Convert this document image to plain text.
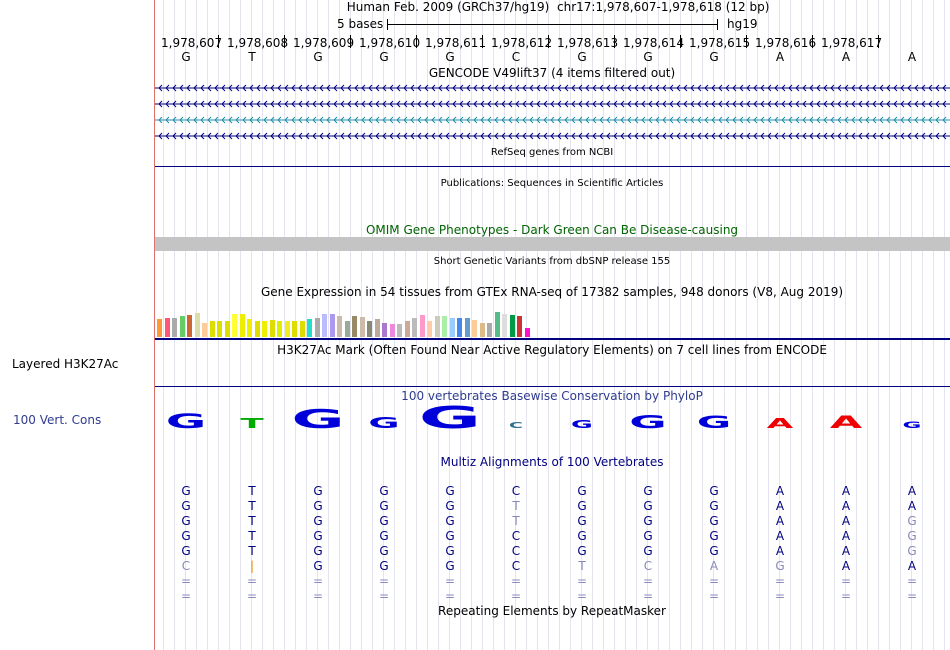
Layered H3K27Ac
100 Vert. Cons
Human Feb. 2009 (GRCh37/hg19) chr17:1,978,607-1,978,618 (12 bp)
5 bases	hg19
1,978,607 1,978,608 1,978,609 1,978,610 1,978,611 1,978,612 1,978,613 1,978,614 1,978,615 1,978,616 1,978,617
G	T	G	G	G	C	G	G	G	A	A	A
GENCODE V49lift37 (4 items filtered out)
RefSeq genes from NCBI
Publications: Sequences in Scientific Articles
OMIM Gene Phenotypes - Dark Green Can Be Disease-causing
Short Genetic Variants from dbSNP release 155
Gene Expression in 54 tissues from GTEx RNA-seq of 17382 samples, 948 donors (V8, Aug 2019)
H3K27Ac Mark (Often Found Near Active Regulatory Elements) on 7 cell lines from ENCODE
100 vertebrates Basewise Conservation by PhyloP
G T G G G	C	G G G A A	G
Multiz Alignments of 100 Vertebrates
G	T	G	G	G	C	G	G	G	A	A	A
G	T	G	G	G	T	G	G	G	A	A	A
G	T	G	G	G	T	G	G	G	A	A	G
G	T	G	G	G	C	G	G	G	A	A	G
G	T	G	G	G	C	G	G	G	A	A	G
C	|	G	G	G	C	T	C	A	G	A	A
=	=	=	=	=	=	=	=	=	=	=	=
=	=	=	=	=	=	=	=	=	=	=	=
Repeating Elements by RepeatMasker
